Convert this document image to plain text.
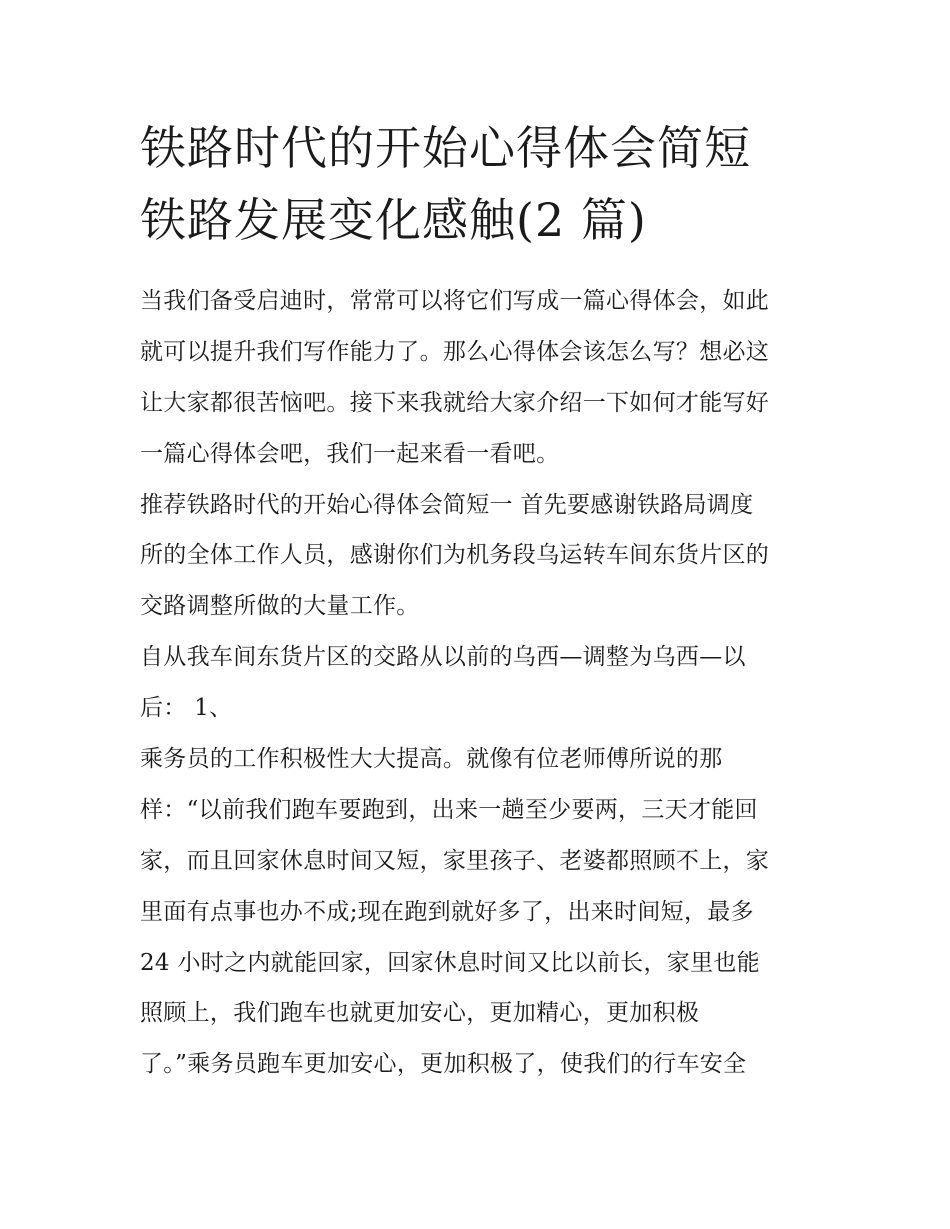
铁路时代的开始心得体会简短
铁路发展变化感触(2 篇)
当我们备受启迪时，常常可以将它们写成一篇心得体会，如此
就可以提升我们写作能力了。那么心得体会该怎么写？想必这
让大家都很苦恼吧。接下来我就给大家介绍一下如何才能写好
一篇心得体会吧，我们一起来看一看吧。
推荐铁路时代的开始心得体会简短一 首先要感谢铁路局调度
所的全体工作人员，感谢你们为机务段乌运转车间东货片区的
交路调整所做的大量工作。
自从我车间东货片区的交路从以前的乌西—调整为乌西—以
后： 1、
乘务员的工作积极性大大提高。就像有位老师傅所说的那
样：“以前我们跑车要跑到，出来一趟至少要两，三天才能回
家，而且回家休息时间又短，家里孩子、老婆都照顾不上，家
里面有点事也办不成;现在跑到就好多了，出来时间短，最多
24 小时之内就能回家，回家休息时间又比以前长，家里也能
照顾上，我们跑车也就更加安心，更加精心，更加积极
了。”乘务员跑车更加安心，更加积极了，使我们的行车安全
